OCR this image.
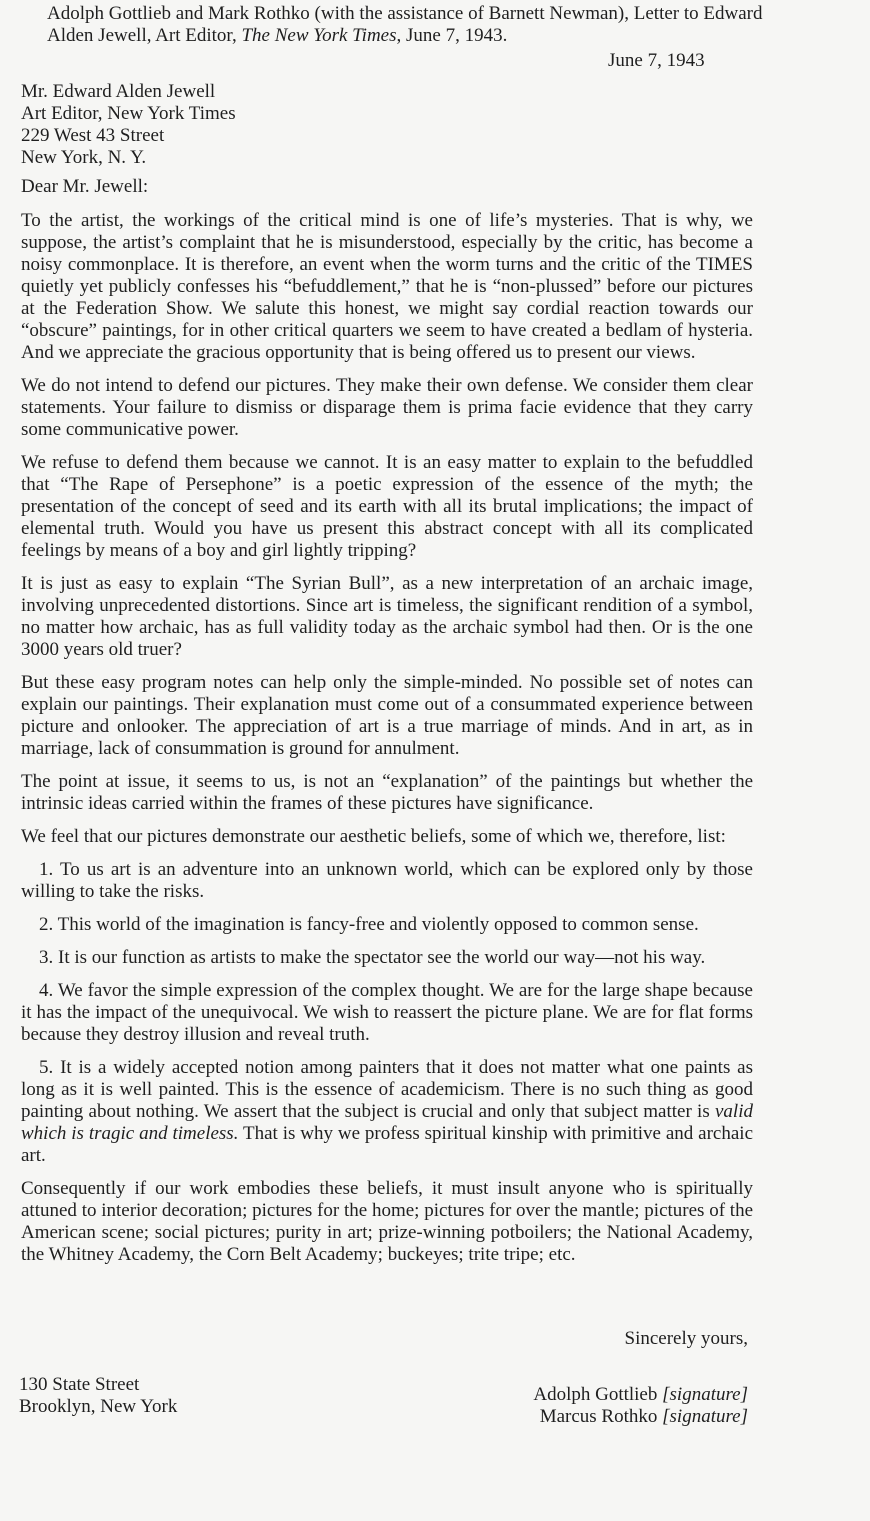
Adolph Gottlieb and Mark Rothko (with the assistance of Barnett Newman), Letter to Edward
Alden Jewell, Art Editor, The New York Times, June 7, 1943.
June 7, 1943
Mr. Edward Alden Jewell
Art Editor, New York Times
229 West 43 Street
New York, N. Y.
Dear Mr. Jewell:

To the artist, the workings of the critical mind is one of life’s mysteries. That is why, we suppose, the artist’s complaint that he is misunderstood, especially by the critic, has become a noisy commonplace. It is therefore, an event when the worm turns and the critic of the TIMES quietly yet publicly confesses his “befuddlement,” that he is “non-plussed” before our pictures at the Federation Show. We salute this honest, we might say cordial reaction towards our “obscure” paintings, for in other critical quarters we seem to have created a bedlam of hysteria. And we appreciate the gracious opportunity that is being offered us to present our views.

We do not intend to defend our pictures. They make their own defense. We consider them clear statements. Your failure to dismiss or disparage them is prima facie evidence that they carry some communicative power.

We refuse to defend them because we cannot. It is an easy matter to explain to the befuddled that “The Rape of Persephone” is a poetic expression of the essence of the myth; the presentation of the concept of seed and its earth with all its brutal implications; the impact of elemental truth. Would you have us present this abstract concept with all its complicated feelings by means of a boy and girl lightly tripping?

It is just as easy to explain “The Syrian Bull”, as a new interpretation of an archaic image, involving unprecedented distortions. Since art is timeless, the significant rendition of a symbol, no matter how archaic, has as full validity today as the archaic symbol had then. Or is the one 3000 years old truer?

But these easy program notes can help only the simple-minded. No possible set of notes can explain our paintings. Their explanation must come out of a consummated experience between picture and onlooker. The appreciation of art is a true marriage of minds. And in art, as in marriage, lack of consummation is ground for annulment.

The point at issue, it seems to us, is not an “explanation” of the paintings but whether the intrinsic ideas carried within the frames of these pictures have significance.

We feel that our pictures demonstrate our aesthetic beliefs, some of which we, therefore, list:

1. To us art is an adventure into an unknown world, which can be explored only by those willing to take the risks.

2. This world of the imagination is fancy-free and violently opposed to common sense.

3. It is our function as artists to make the spectator see the world our way—not his way.

4. We favor the simple expression of the complex thought. We are for the large shape because it has the impact of the unequivocal. We wish to reassert the picture plane. We are for flat forms because they destroy illusion and reveal truth.

5. It is a widely accepted notion among painters that it does not matter what one paints as long as it is well painted. This is the essence of academicism. There is no such thing as good painting about nothing. We assert that the subject is crucial and only that subject matter is valid which is tragic and timeless. That is why we profess spiritual kinship with primitive and archaic art.

Consequently if our work embodies these beliefs, it must insult anyone who is spiritually attuned to interior decoration; pictures for the home; pictures for over the mantle; pictures of the American scene; social pictures; purity in art; prize-winning potboilers; the National Academy, the Whitney Academy, the Corn Belt Academy; buckeyes; trite tripe; etc.

Sincerely yours,
Adolph Gottlieb [signature]
Marcus Rothko [signature]
130 State Street
Brooklyn, New York
